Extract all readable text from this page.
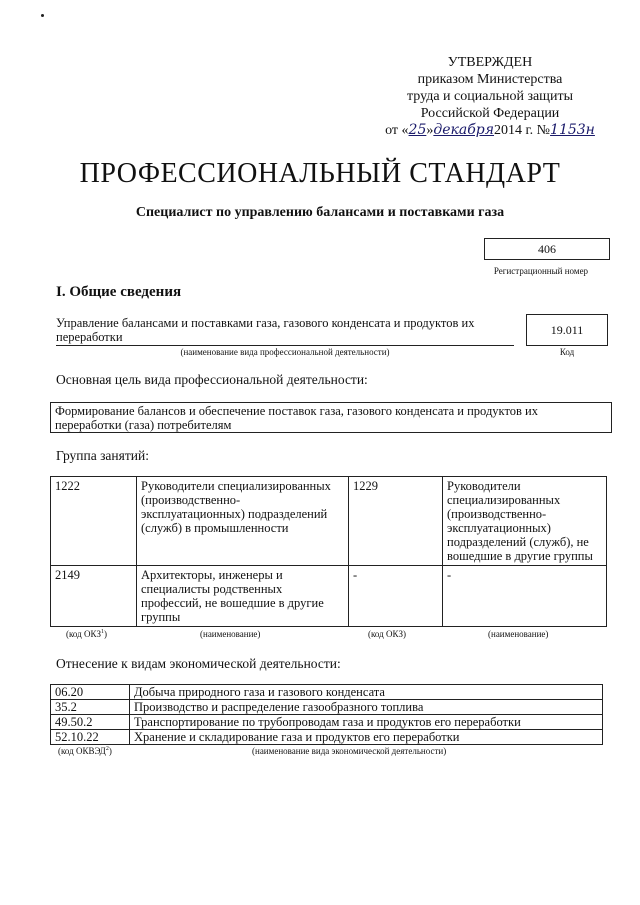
УТВЕРЖДЕН
приказом Министерства
труда и социальной защиты
Российской Федерации
от «25»декабря2014 г. №1153н
ПРОФЕССИОНАЛЬНЫЙ СТАНДАРТ
Специалист по управлению балансами и поставками газа
406
Регистрационный номер
I. Общие сведения
Управление балансами и поставками газа, газового конденсата и продуктов их переработки	19.011
(наименование вида профессиональной деятельности)	Код
Основная цель вида профессиональной деятельности:
Формирование балансов и обеспечение поставок газа, газового конденсата и продуктов их переработки (газа) потребителям
Группа занятий:
1222	Руководители специализированных (производственно-эксплуатационных) подразделений (служб) в промышленности	1229	Руководители специализированных (производственно-эксплуатационных) подразделений (служб), не вошедшие в другие группы
2149	Архитекторы, инженеры и специалисты родственных профессий, не вошедшие в другие группы	-	-
(код ОКЗ$^1$)	(наименование)	(код ОКЗ)	(наименование)
Отнесение к видам экономической деятельности:
06.20	Добыча природного газа и газового конденсата
35.2	Производство и распределение газообразного топлива
49.50.2	Транспортирование по трубопроводам газа и продуктов его переработки
52.10.22	Хранение и складирование газа и продуктов его переработки
(код ОКВЭД$^2$)	(наименование вида экономической деятельности)
